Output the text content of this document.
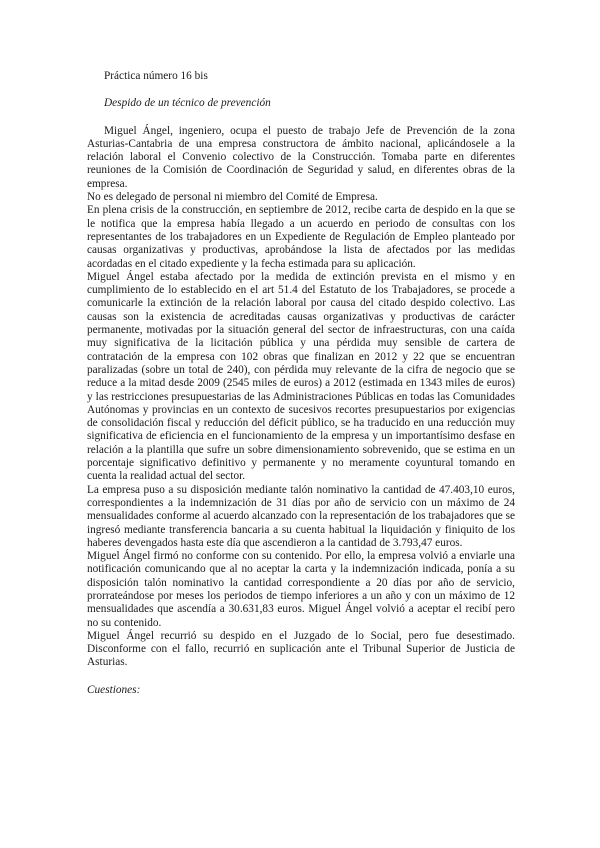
Práctica número 16 bis

Despido de un técnico de prevención

Miguel Ángel, ingeniero, ocupa el puesto de trabajo Jefe de Prevención de la zona Asturias-Cantabria de una empresa constructora de ámbito nacional, aplicándosele a la relación laboral el Convenio colectivo de la Construcción. Tomaba parte en diferentes reuniones de la Comisión de Coordinación de Seguridad y salud, en diferentes obras de la empresa.

No es delegado de personal ni miembro del Comité de Empresa.

En plena crisis de la construcción, en septiembre de 2012, recibe carta de despido en la que se le notifica que la empresa había llegado a un acuerdo en periodo de consultas con los representantes de los trabajadores en un Expediente de Regulación de Empleo planteado por causas organizativas y productivas, aprobándose la lista de afectados por las medidas acordadas en el citado expediente y la fecha estimada para su aplicación.

Miguel Ángel estaba afectado por la medida de extinción prevista en el mismo y en cumplimiento de lo establecido en el art 51.4 del Estatuto de los Trabajadores, se procede a comunicarle la extinción de la relación laboral por causa del citado despido colectivo. Las causas son la existencia de acreditadas causas organizativas y productivas de carácter permanente, motivadas por la situación general del sector de infraestructuras, con una caída muy significativa de la licitación pública y una pérdida muy sensible de cartera de contratación de la empresa con 102 obras que finalizan en 2012 y 22 que se encuentran paralizadas (sobre un total de 240), con pérdida muy relevante de la cifra de negocio que se reduce a la mitad desde 2009 (2545 miles de euros) a 2012 (estimada en 1343 miles de euros) y las restricciones presupuestarias de las Administraciones Públicas en todas las Comunidades Autónomas y provincias en un contexto de sucesivos recortes presupuestarios por exigencias de consolidación fiscal y reducción del déficit público, se ha traducido en una reducción muy significativa de eficiencia en el funcionamiento de la empresa y un importantísimo desfase en relación a la plantilla que sufre un sobre dimensionamiento sobrevenido, que se estima en un porcentaje significativo definitivo y permanente y no meramente coyuntural tomando en cuenta la realidad actual del sector.

La empresa puso a su disposición mediante talón nominativo la cantidad de 47.403,10 euros, correspondientes a la indemnización de 31 días por año de servicio con un máximo de 24 mensualidades conforme al acuerdo alcanzado con la representación de los trabajadores que se ingresó mediante transferencia bancaria a su cuenta habitual la liquidación y finiquito de los haberes devengados hasta este día que ascendieron a la cantidad de 3.793,47 euros.

Miguel Ángel firmó no conforme con su contenido. Por ello, la empresa volvió a enviarle una notificación comunicando que al no aceptar la carta y la indemnización indicada, ponía a su disposición talón nominativo la cantidad correspondiente a 20 días por año de servicio, prorrateándose por meses los periodos de tiempo inferiores a un año y con un máximo de 12 mensualidades que ascendía a 30.631,83 euros. Miguel Ángel volvió a aceptar el recibí pero no su contenido.

Miguel Ángel recurrió su despido en el Juzgado de lo Social, pero fue desestimado. Disconforme con el fallo, recurrió en suplicación ante el Tribunal Superior de Justicia de Asturias.

Cuestiones:
